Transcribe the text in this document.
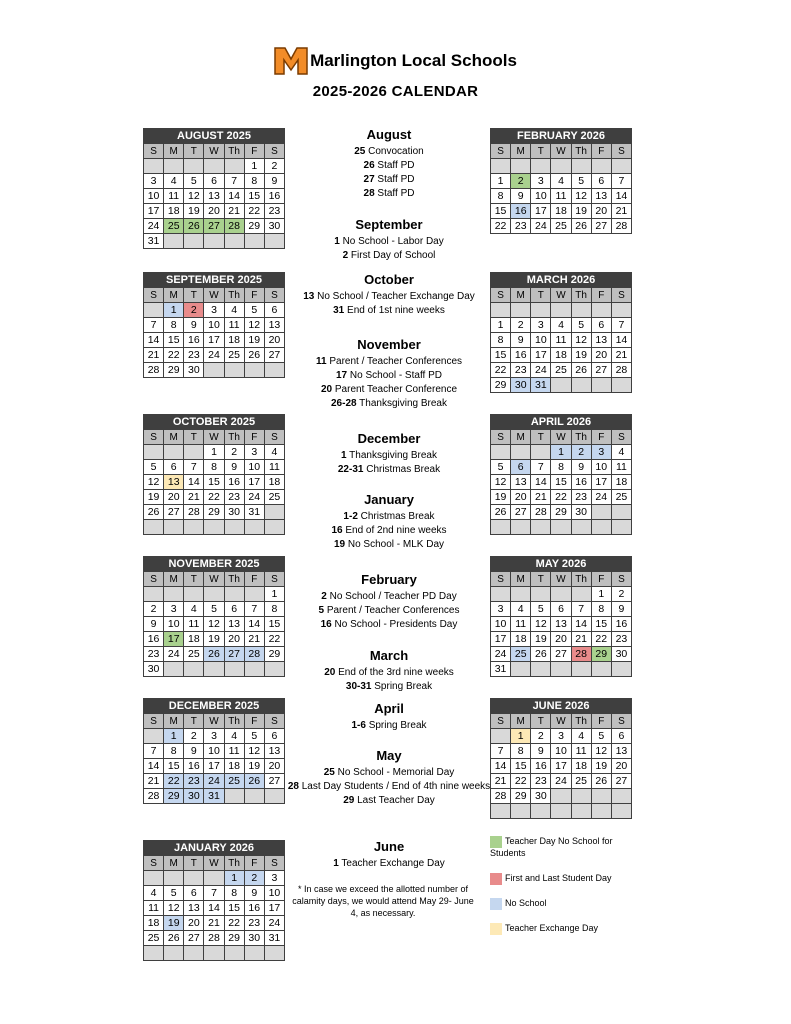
Marlington Local Schools
2025-2026 CALENDAR
AUGUST 2025						
S	M	T	W	Th	F	S
					1	2
3	4	5	6	7	8	9
10	11	12	13	14	15	16
17	18	19	20	21	22	23
24	25	26	27	28	29	30
31						
SEPTEMBER 2025						
S	M	T	W	Th	F	S
	1	2	3	4	5	6
7	8	9	10	11	12	13
14	15	16	17	18	19	20
21	22	23	24	25	26	27
28	29	30				
OCTOBER 2025						
S	M	T	W	Th	F	S
			1	2	3	4
5	6	7	8	9	10	11
12	13	14	15	16	17	18
19	20	21	22	23	24	25
26	27	28	29	30	31	

NOVEMBER 2025						
S	M	T	W	Th	F	S
						1
2	3	4	5	6	7	8
9	10	11	12	13	14	15
16	17	18	19	20	21	22
23	24	25	26	27	28	29
30						
DECEMBER 2025						
S	M	T	W	Th	F	S
	1	2	3	4	5	6
7	8	9	10	11	12	13
14	15	16	17	18	19	20
21	22	23	24	25	26	27
28	29	30	31			
JANUARY 2026						
S	M	T	W	Th	F	S
				1	2	3
4	5	6	7	8	9	10
11	12	13	14	15	16	17
18	19	20	21	22	23	24
25	26	27	28	29	30	31

FEBRUARY 2026						
S	M	T	W	Th	F	S

1	2	3	4	5	6	7
8	9	10	11	12	13	14
15	16	17	18	19	20	21
22	23	24	25	26	27	28
MARCH 2026						
S	M	T	W	Th	F	S

1	2	3	4	5	6	7
8	9	10	11	12	13	14
15	16	17	18	19	20	21
22	23	24	25	26	27	28
29	30	31				
APRIL 2026						
S	M	T	W	Th	F	S
			1	2	3	4
5	6	7	8	9	10	11
12	13	14	15	16	17	18
19	20	21	22	23	24	25
26	27	28	29	30		

MAY 2026						
S	M	T	W	Th	F	S
					1	2
3	4	5	6	7	8	9
10	11	12	13	14	15	16
17	18	19	20	21	22	23
24	25	26	27	28	29	30
31						
JUNE 2026						
S	M	T	W	Th	F	S
	1	2	3	4	5	6
7	8	9	10	11	12	13
14	15	16	17	18	19	20
21	22	23	24	25	26	27
28	29	30				

August
25 Convocation
26 Staff PD
27 Staff PD
28 Staff PD
September
1 No School - Labor Day
2 First Day of School
October
13 No School / Teacher Exchange Day
31 End of 1st nine weeks
November
11 Parent / Teacher Conferences
17 No School - Staff PD
20 Parent Teacher Conference
26-28 Thanksgiving Break
December
1 Thanksgiving Break
22-31 Christmas Break
January
1-2 Christmas Break
16 End of 2nd nine weeks
19 No School - MLK Day
February
2 No School / Teacher PD Day
5 Parent / Teacher Conferences
16 No School - Presidents Day
March
20 End of the 3rd nine weeks
30-31 Spring Break
April
1-6 Spring Break
May
25 No School - Memorial Day
28 Last Day Students / End of 4th nine weeks
29 Last Teacher Day
June
1 Teacher Exchange Day
* In case we exceed the allotted number of calamity days, we would attend May 29- June 4, as necessary.
Teacher Day No School for Students
First and Last Student Day
No School
Teacher Exchange Day
